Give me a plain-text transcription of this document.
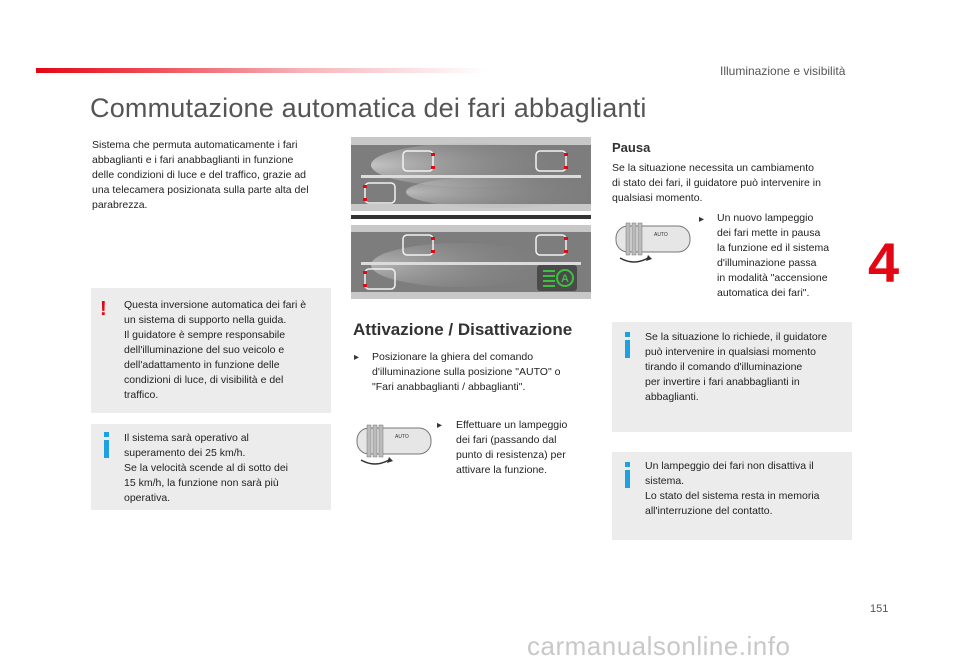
Illuminazione e visibilità
Commutazione automatica dei fari abbaglianti
4
151
Sistema che permuta automaticamente i fari
abbaglianti e i fari anabbaglianti in funzione
delle condizioni di luce e del traffico, grazie ad
una telecamera posizionata sulla parte alta del
parabrezza.
! Questa inversione automatica dei fari è
un sistema di supporto nella guida.
Il guidatore è sempre responsabile
dell'illuminazione del suo veicolo e
dell'adattamento in funzione delle
condizioni di luce, di visibilità e del
traffico.
Il sistema sarà operativo al
superamento dei 25 km/h.
Se la velocità scende al di sotto dei
15 km/h, la funzione non sarà più
operativa.
A
Attivazione / Disattivazione
▸ Posizionare la ghiera del comando
d'illuminazione sulla posizione "AUTO" o
"Fari anabbaglianti / abbaglianti".
AUTO
▸ Effettuare un lampeggio
dei fari (passando dal
punto di resistenza) per
attivare la funzione.
Pausa
Se la situazione necessita un cambiamento
di stato dei fari, il guidatore può intervenire in
qualsiasi momento.
AUTO
▸ Un nuovo lampeggio
dei fari mette in pausa
la funzione ed il sistema
d'illuminazione passa
in modalità "accensione
automatica dei fari".
Se la situazione lo richiede, il guidatore
può intervenire in qualsiasi momento
tirando il comando d'illuminazione
per invertire i fari anabbaglianti in
abbaglianti.
Un lampeggio dei fari non disattiva il
sistema.
Lo stato del sistema resta in memoria
all'interruzione del contatto.
carmanualsonline.info
